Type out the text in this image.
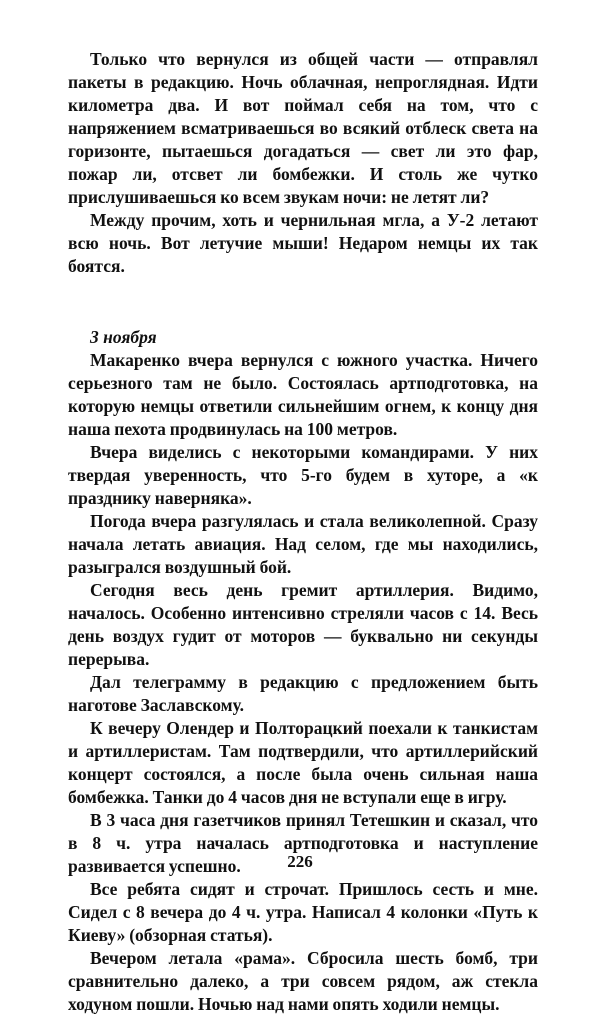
Только что вернулся из общей части — отправлял пакеты в редакцию. Ночь облачная, непроглядная. Идти километра два. И вот поймал себя на том, что с напряжением всматриваешься во всякий отблеск света на горизонте, пытаешься догадаться — свет ли это фар, пожар ли, отсвет ли бомбежки. И столь же чутко прислушиваешься ко всем звукам ночи: не летят ли?

Между прочим, хоть и чернильная мгла, а У-2 летают всю ночь. Вот летучие мыши! Недаром немцы их так боятся.

3 ноября

Макаренко вчера вернулся с южного участка. Ничего серьезного там не было. Состоялась артподготовка, на которую немцы ответили сильнейшим огнем, к концу дня наша пехота продвинулась на 100 метров.

Вчера виделись с некоторыми командирами. У них твердая уверенность, что 5-го будем в хуторе, а «к празднику наверняка».

Погода вчера разгулялась и стала великолепной. Сразу начала летать авиация. Над селом, где мы находились, разыгрался воздушный бой.

Сегодня весь день гремит артиллерия. Видимо, началось. Особенно интенсивно стреляли часов с 14. Весь день воздух гудит от моторов — буквально ни секунды перерыва.

Дал телеграмму в редакцию с предложением быть наготове Заславскому.

К вечеру Олендер и Полторацкий поехали к танкистам и артиллеристам. Там подтвердили, что артиллерийский концерт состоялся, а после была очень сильная наша бомбежка. Танки до 4 часов дня не вступали еще в игру.

В 3 часа дня газетчиков принял Тетешкин и сказал, что в 8 ч. утра началась артподготовка и наступление развивается успешно.

Все ребята сидят и строчат. Пришлось сесть и мне. Сидел с 8 вечера до 4 ч. утра. Написал 4 колонки «Путь к Киеву» (обзорная статья).

Вечером летала «рама». Сбросила шесть бомб, три сравнительно далеко, а три совсем рядом, аж стекла ходуном пошли. Ночью над нами опять ходили немцы.

226
